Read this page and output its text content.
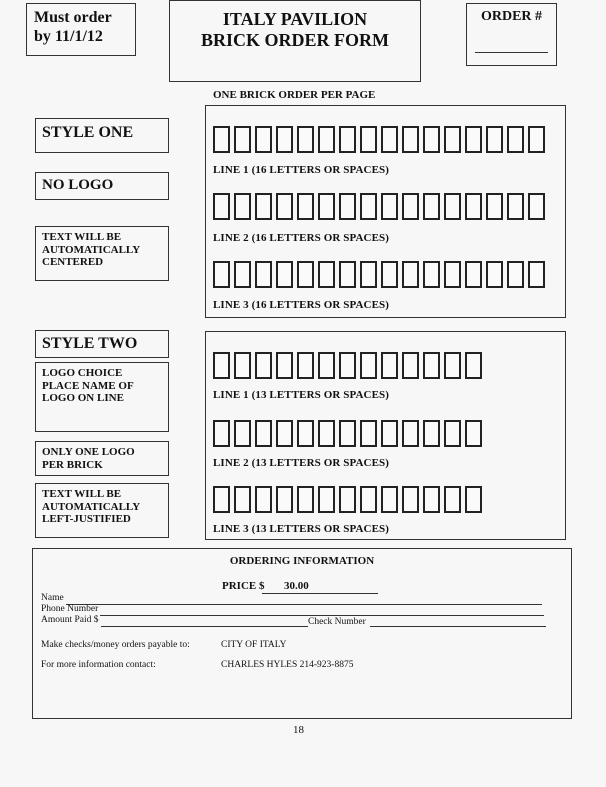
Must order
by 11/1/12
ITALY PAVILION
BRICK ORDER FORM
ORDER #
ONE BRICK ORDER PER PAGE
STYLE ONE
NO LOGO
TEXT WILL BE
AUTOMATICALLY
CENTERED
LINE 1 (16 LETTERS OR SPACES)
LINE 2 (16 LETTERS OR SPACES)
LINE 3 (16 LETTERS OR SPACES)
STYLE TWO
LOGO CHOICE
PLACE NAME OF
LOGO ON LINE
ONLY ONE LOGO
PER BRICK
TEXT WILL BE
AUTOMATICALLY
LEFT-JUSTIFIED
LINE 1 (13 LETTERS OR SPACES)
LINE 2 (13 LETTERS OR SPACES)
LINE 3 (13 LETTERS OR SPACES)
ORDERING INFORMATION
PRICE $ 30.00
Name
Phone Number
Amount Paid $	Check Number
Make checks/money orders payable to:	CITY OF ITALY
For more information contact:	CHARLES HYLES 214-923-8875
18
